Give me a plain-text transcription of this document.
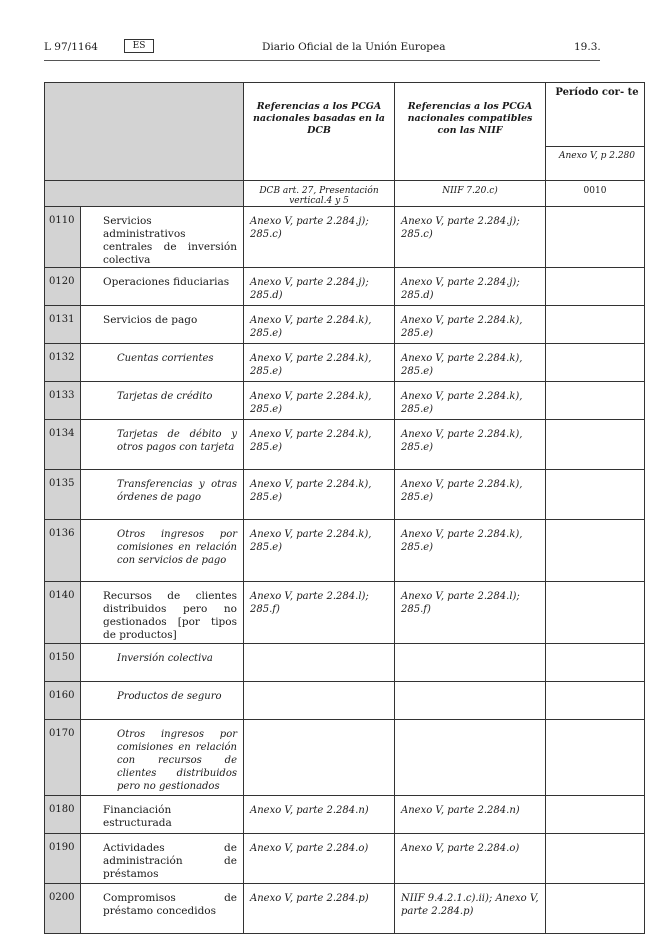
L 97/1164	ES	Diario Oficial de la Unión Europea	19.3.

		Referencias a los PCGA nacionales basadas en la DCB	Referencias a los PCGA nacionales compatibles con las NIIF	Período cor- te

				Anexo V, p 2.280

		DCB art. 27, Presentación vertical.4 y 5	NIIF 7.20.c)	0010

0110	Servicios administrativos centrales de inversión colectiva	Anexo V, parte 2.284.j); 285.c)	Anexo V, parte 2.284.j); 285.c)	

0120	Operaciones fiduciarias	Anexo V, parte 2.284.j); 285.d)	Anexo V, parte 2.284.j); 285.d)	

0131	Servicios de pago	Anexo V, parte 2.284.k), 285.e)	Anexo V, parte 2.284.k), 285.e)	

0132	Cuentas corrientes	Anexo V, parte 2.284.k), 285.e)	Anexo V, parte 2.284.k), 285.e)	

0133	Tarjetas de crédito	Anexo V, parte 2.284.k), 285.e)	Anexo V, parte 2.284.k), 285.e)	

0134	Tarjetas de débito y otros pagos con tarjeta	Anexo V, parte 2.284.k), 285.e)	Anexo V, parte 2.284.k), 285.e)	

0135	Transferencias y otras órdenes de pago	Anexo V, parte 2.284.k), 285.e)	Anexo V, parte 2.284.k), 285.e)	

0136	Otros ingresos por comisiones en relación con servicios de pago	Anexo V, parte 2.284.k), 285.e)	Anexo V, parte 2.284.k), 285.e)	

0140	Recursos de clientes distribuidos pero no gestionados [por tipos de productos]	Anexo V, parte 2.284.l); 285.f)	Anexo V, parte 2.284.l); 285.f)	

0150	Inversión colectiva			

0160	Productos de seguro			

0170	Otros ingresos por comisiones en relación con recursos de clientes distribuidos pero no gestionados			

0180	Financiación estructurada	Anexo V, parte 2.284.n)	Anexo V, parte 2.284.n)	

0190	Actividades de administración de préstamos	Anexo V, parte 2.284.o)	Anexo V, parte 2.284.o)	

0200	Compromisos de préstamo concedidos	Anexo V, parte 2.284.p)	NIIF 9.4.2.1.c).ii); Anexo V, parte 2.284.p)	
